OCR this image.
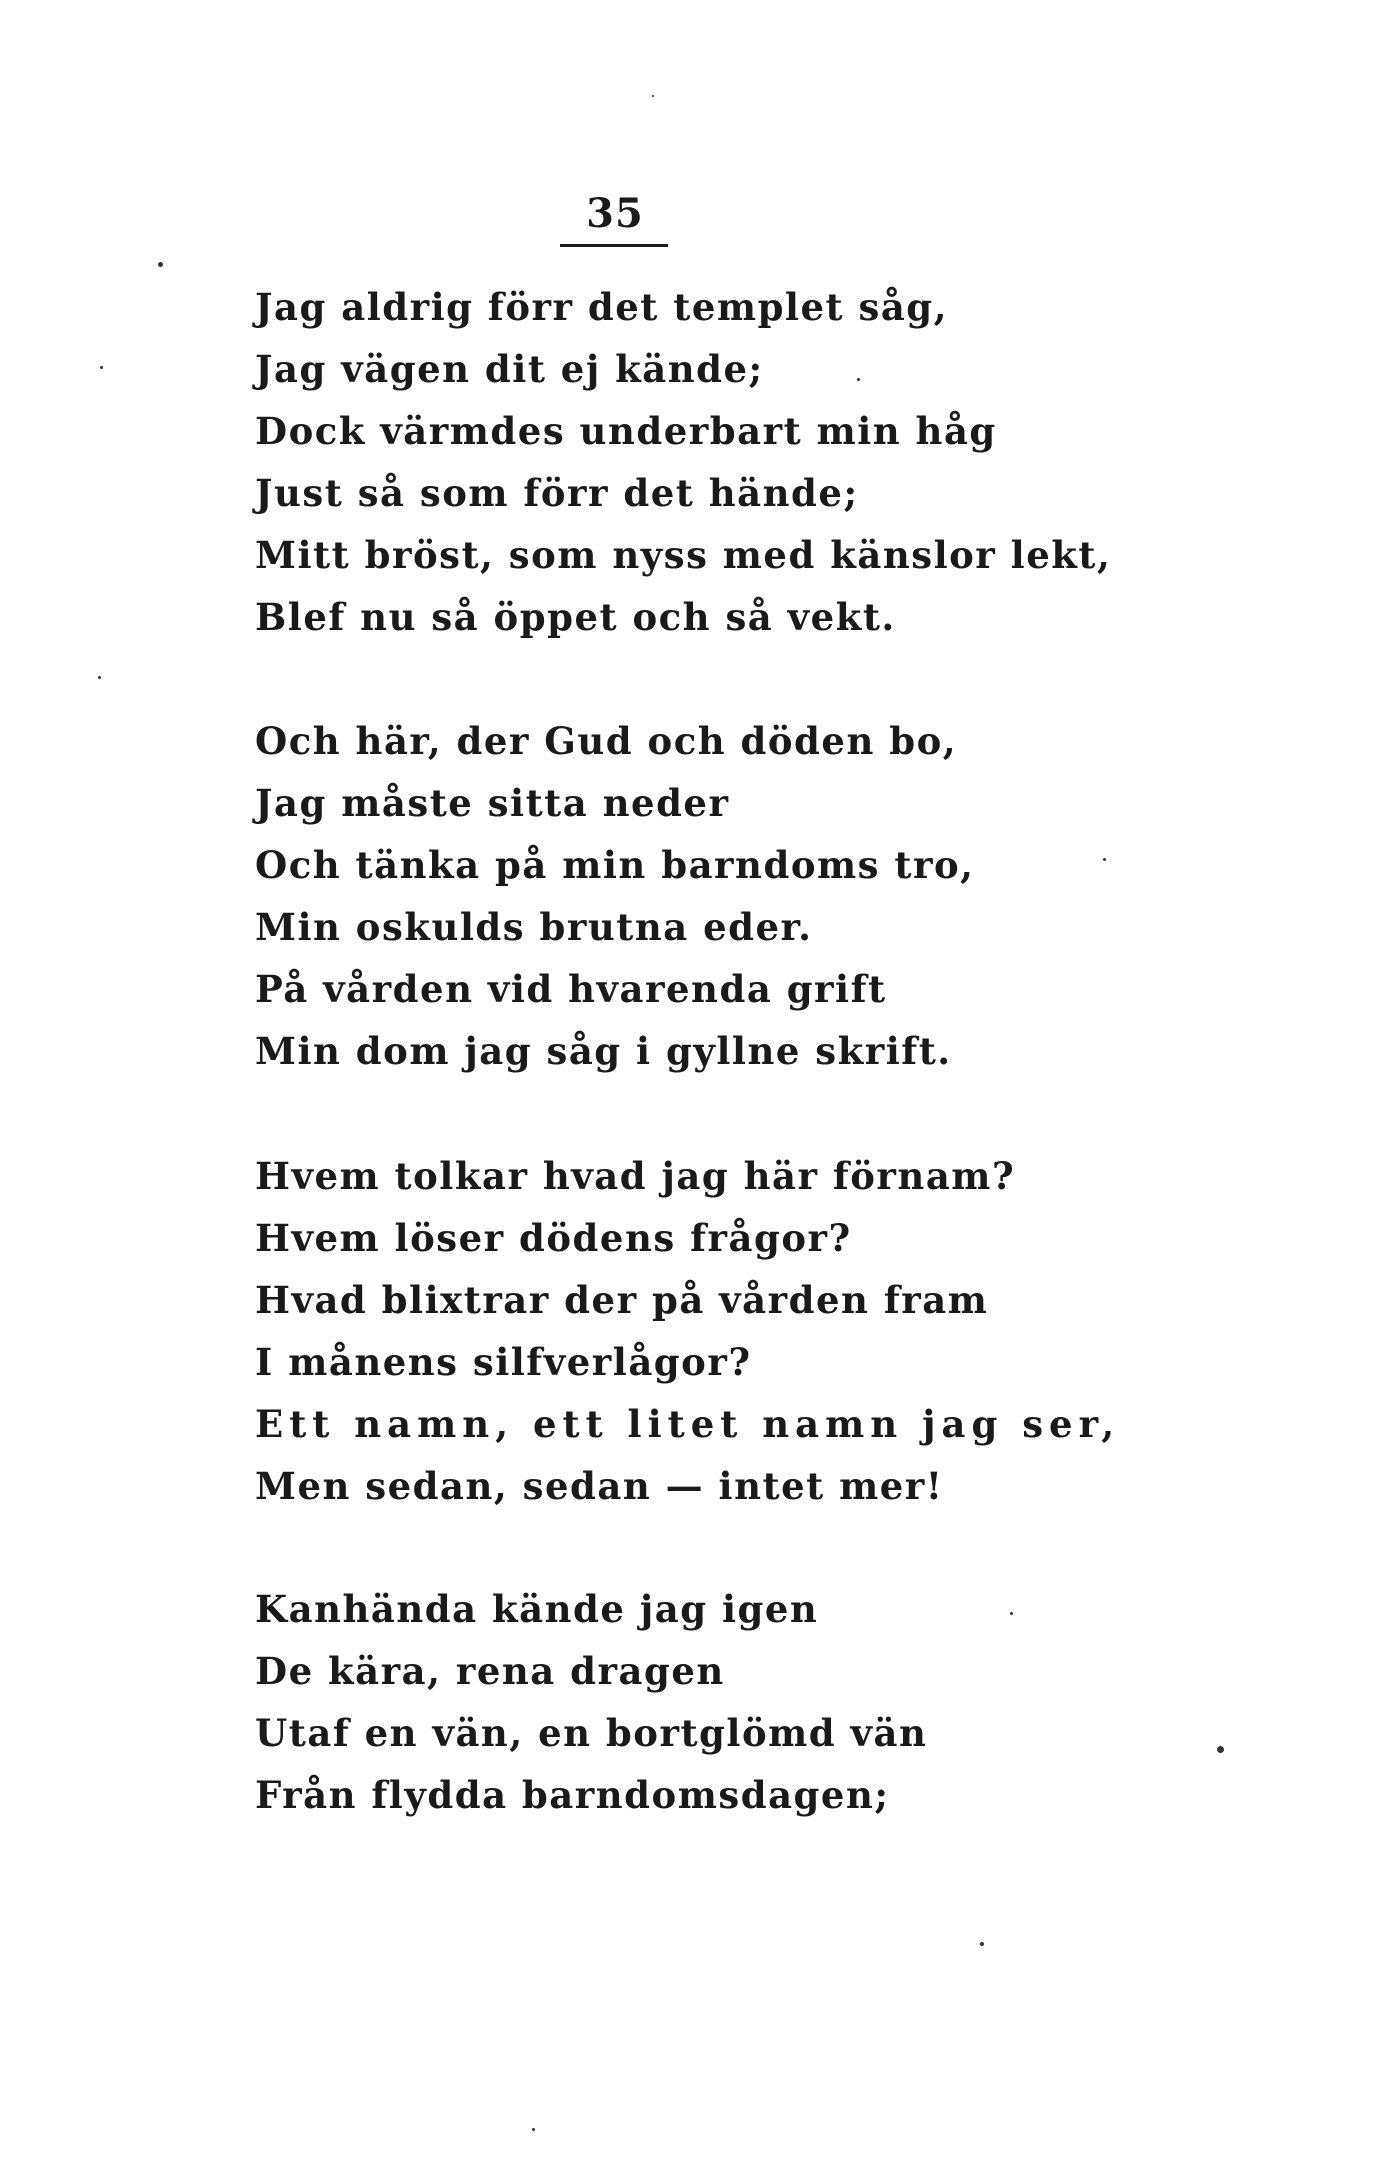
35
Jag aldrig förr det templet såg,
Jag vägen dit ej kände;
Dock värmdes underbart min håg
Just så som förr det hände;
Mitt bröst, som nyss med känslor lekt,
Blef nu så öppet och så vekt.
Och här, der Gud och döden bo,
Jag måste sitta neder
Och tänka på min barndoms tro,
Min oskulds brutna eder.
På vården vid hvarenda grift
Min dom jag såg i gyllne skrift.
Hvem tolkar hvad jag här förnam?
Hvem löser dödens frågor?
Hvad blixtrar der på vården fram
I månens silfverlågor?
Ett namn, ett litet namn jag ser,
Men sedan, sedan — intet mer!
Kanhända kände jag igen
De kära, rena dragen
Utaf en vän, en bortglömd vän
Från flydda barndomsdagen;
